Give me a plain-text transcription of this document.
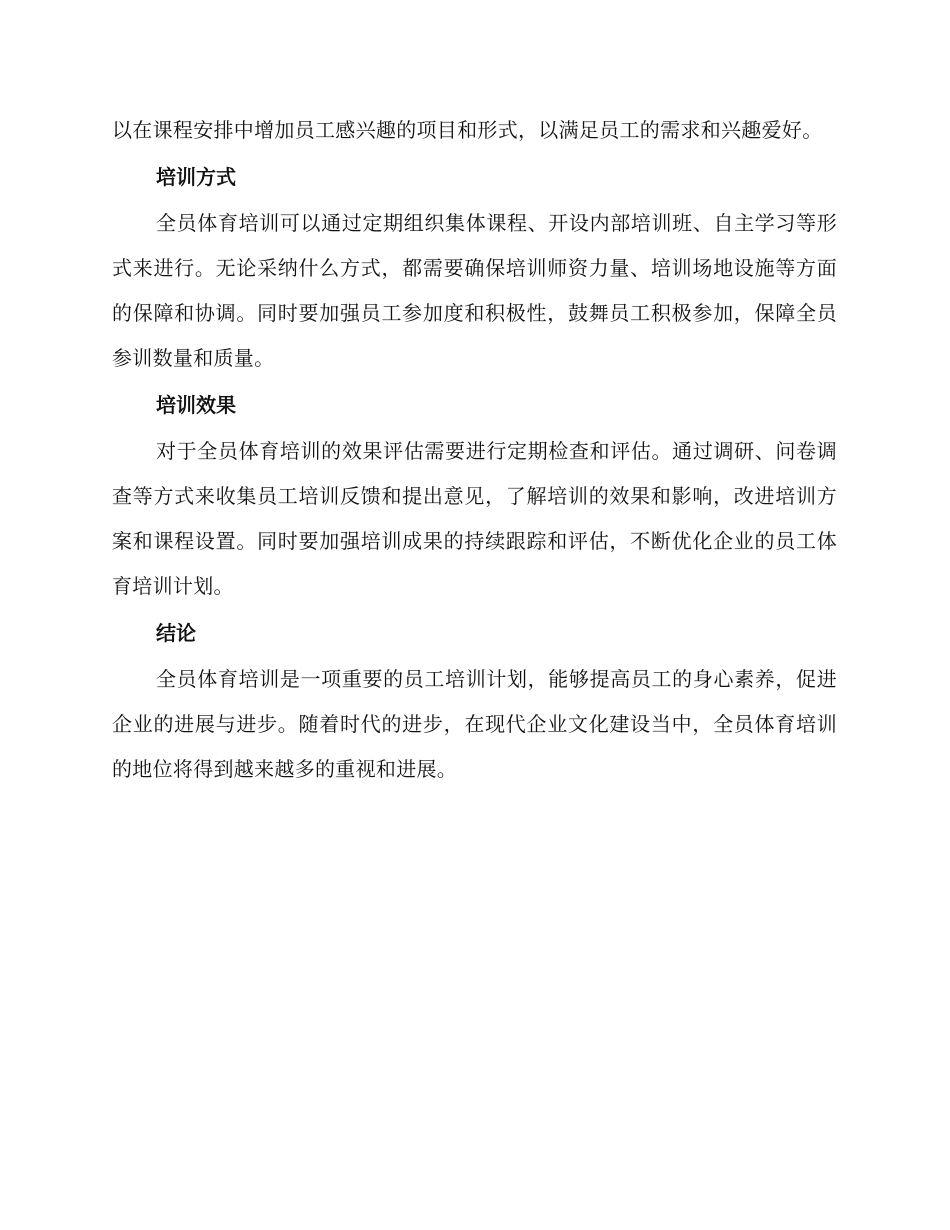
以在课程安排中增加员工感兴趣的项目和形式，以满足员工的需求和兴趣爱好。

培训方式

全员体育培训可以通过定期组织集体课程、开设内部培训班、自主学习等形式来进行。无论采纳什么方式，都需要确保培训师资力量、培训场地设施等方面的保障和协调。同时要加强员工参加度和积极性，鼓舞员工积极参加，保障全员参训数量和质量。

培训效果

对于全员体育培训的效果评估需要进行定期检查和评估。通过调研、问卷调查等方式来收集员工培训反馈和提出意见，了解培训的效果和影响，改进培训方案和课程设置。同时要加强培训成果的持续跟踪和评估，不断优化企业的员工体育培训计划。

结论

全员体育培训是一项重要的员工培训计划，能够提高员工的身心素养，促进企业的进展与进步。随着时代的进步，在现代企业文化建设当中，全员体育培训的地位将得到越来越多的重视和进展。
